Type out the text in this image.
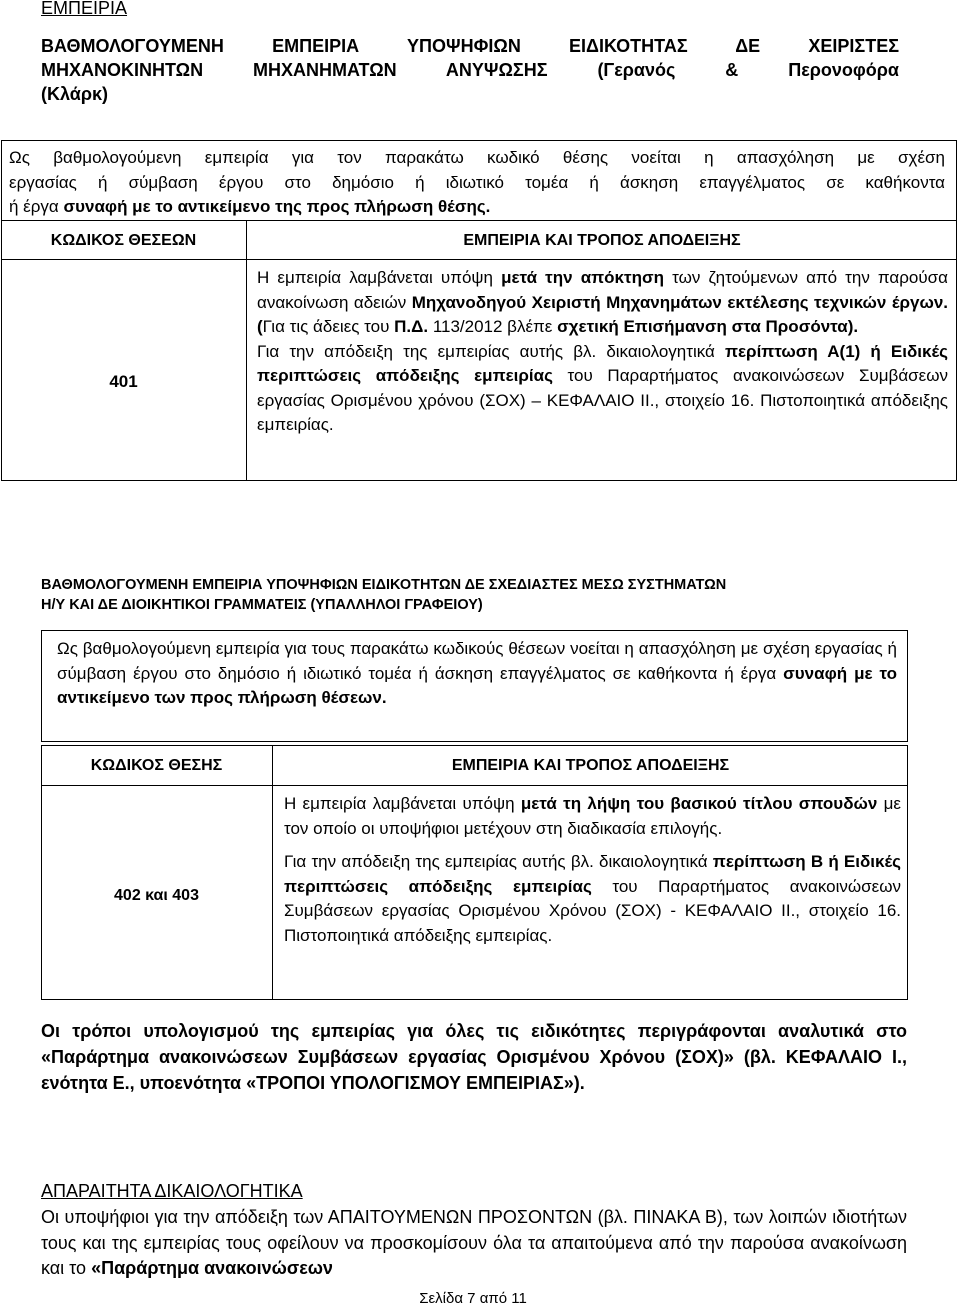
ΕΜΠΕΙΡΙΑ
ΒΑΘΜΟΛΟΓΟΥΜΕΝΗ ΕΜΠΕΙΡΙΑ ΥΠΟΨΗΦΙΩΝ ΕΙΔΙΚΟΤΗΤΑΣ ΔΕ ΧΕΙΡΙΣΤΕΣ
ΜΗΧΑΝΟΚΙΝΗΤΩΝ ΜΗΧΑΝΗΜΑΤΩΝ ΑΝΥΨΩΣΗΣ (Γερανός & Περονοφόρα
(Κλάρκ)
Ως βαθμολογούμενη εμπειρία για τον παρακάτω κωδικό θέσης νοείται η απασχόληση με σχέση
εργασίας ή σύμβαση έργου στο δημόσιο ή ιδιωτικό τομέα ή άσκηση επαγγέλματος σε καθήκοντα
ή έργα συναφή με το αντικείμενο της προς πλήρωση θέσης.
ΚΩΔΙΚΟΣ ΘΕΣΕΩΝ	ΕΜΠΕΙΡΙΑ ΚΑΙ ΤΡΟΠΟΣ ΑΠΟΔΕΙΞΗΣ
401

Η εμπειρία λαμβάνεται υπόψη μετά την απόκτηση των ζητούμενων από την παρούσα ανακοίνωση αδειών Μηχανοδηγού Χειριστή Μηχανημάτων εκτέλεσης τεχνικών έργων. (Για τις άδειες του Π.Δ. 113/2012 βλέπε σχετική Επισήμανση στα Προσόντα).

Για την απόδειξη της εμπειρίας αυτής βλ. δικαιολογητικά περίπτωση Α(1) ή Ειδικές περιπτώσεις απόδειξης εμπειρίας του Παραρτήματος ανακοινώσεων Συμβάσεων εργασίας Ορισμένου χρόνου (ΣΟΧ) – ΚΕΦΑΛΑΙΟ ΙΙ., στοιχείο 16. Πιστοποιητικά απόδειξης εμπειρίας.

ΒΑΘΜΟΛΟΓΟΥΜΕΝΗ ΕΜΠΕΙΡΙΑ ΥΠΟΨΗΦΙΩΝ ΕΙΔΙΚΟΤΗΤΩΝ ΔΕ ΣΧΕΔΙΑΣΤΕΣ ΜΕΣΩ ΣΥΣΤΗΜΑΤΩΝ
Η/Υ ΚΑΙ ΔΕ ΔΙΟΙΚΗΤΙΚΟΙ ΓΡΑΜΜΑΤΕΙΣ (ΥΠΑΛΛΗΛΟΙ ΓΡΑΦΕΙΟΥ)
Ως βαθμολογούμενη εμπειρία για τους παρακάτω κωδικούς θέσεων νοείται η απασχόληση με σχέση εργασίας ή σύμβαση έργου στο δημόσιο ή ιδιωτικό τομέα ή άσκηση επαγγέλματος σε καθήκοντα ή έργα συναφή με το αντικείμενο των προς πλήρωση θέσεων.
ΚΩΔΙΚΟΣ ΘΕΣΗΣ	ΕΜΠΕΙΡΙΑ ΚΑΙ ΤΡΟΠΟΣ ΑΠΟΔΕΙΞΗΣ
402 και 403

Η εμπειρία λαμβάνεται υπόψη μετά τη λήψη του βασικού τίτλου σπουδών με τον οποίο οι υποψήφιοι μετέχουν στη διαδικασία επιλογής.

Για την απόδειξη της εμπειρίας αυτής βλ. δικαιολογητικά περίπτωση Β ή Ειδικές περιπτώσεις απόδειξης εμπειρίας του Παραρτήματος ανακοινώσεων Συμβάσεων εργασίας Ορισμένου Χρόνου (ΣΟΧ) - ΚΕΦΑΛΑΙΟ ΙΙ., στοιχείο 16. Πιστοποιητικά απόδειξης εμπειρίας.

Οι τρόποι υπολογισμού της εμπειρίας για όλες τις ειδικότητες περιγράφονται αναλυτικά στο «Παράρτημα ανακοινώσεων Συμβάσεων εργασίας Ορισμένου Χρόνου (ΣΟΧ)» (βλ. ΚΕΦΑΛΑΙΟ Ι., ενότητα Ε., υποενότητα «ΤΡΟΠΟΙ ΥΠΟΛΟΓΙΣΜΟΥ ΕΜΠΕΙΡΙΑΣ»).
ΑΠΑΡΑΙΤΗΤΑ ΔΙΚΑΙΟΛΟΓΗΤΙΚΑ
Οι υποψήφιοι για την απόδειξη των ΑΠΑΙΤΟΥΜΕΝΩΝ ΠΡΟΣΟΝΤΩΝ (βλ. ΠΙΝΑΚΑ Β), των λοιπών ιδιοτήτων τους και της εμπειρίας τους οφείλουν να προσκομίσουν όλα τα απαιτούμενα από την παρούσα ανακοίνωση και το «Παράρτημα ανακοινώσεων
Σελίδα 7 από 11
